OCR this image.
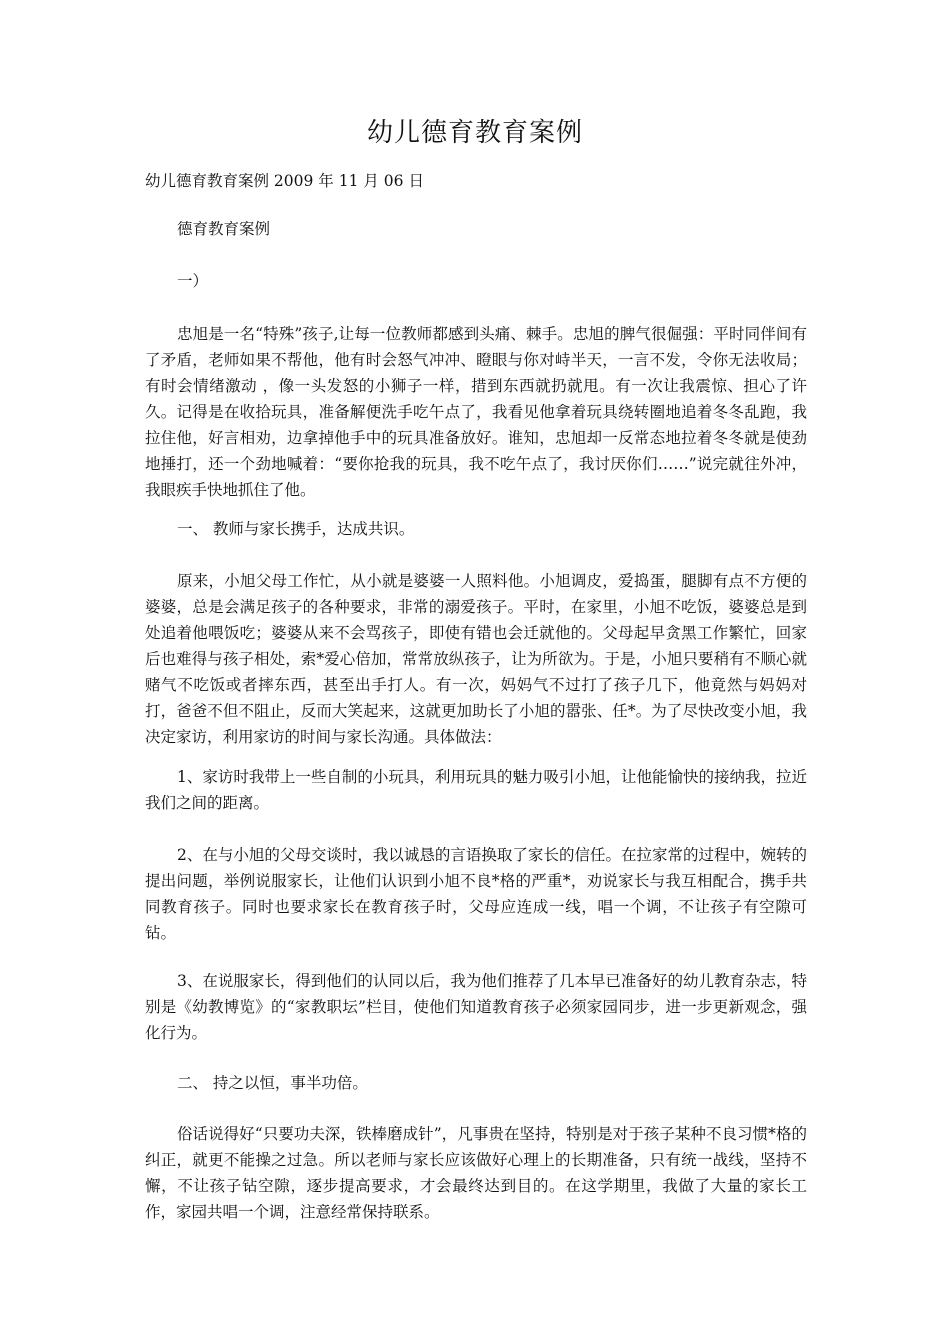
幼儿德育教育案例
幼儿德育教育案例 2009 年 11 月 06 日
德育教育案例
一）
忠旭是一名“特殊”孩子,让每一位教师都感到头痛、棘手。忠旭的脾气很倔强：平时同伴间有了矛盾，老师如果不帮他，他有时会怒气冲冲、瞪眼与你对峙半天，一言不发，令你无法收局；有时会情绪激动 ，像一头发怒的小狮子一样，措到东西就扔就甩。有一次让我震惊、担心了许久。记得是在收拾玩具，准备解便洗手吃午点了，我看见他拿着玩具绕转圈地追着冬冬乱跑，我拉住他，好言相劝，边拿掉他手中的玩具准备放好。谁知，忠旭却一反常态地拉着冬冬就是使劲地捶打，还一个劲地喊着：“要你抢我的玩具，我不吃午点了，我讨厌你们……”说完就往外冲，我眼疾手快地抓住了他。
一、 教师与家长携手，达成共识。
原来，小旭父母工作忙，从小就是婆婆一人照料他。小旭调皮，爱捣蛋，腿脚有点不方便的婆婆，总是会满足孩子的各种要求，非常的溺爱孩子。平时，在家里，小旭不吃饭，婆婆总是到处追着他喂饭吃；婆婆从来不会骂孩子，即使有错也会迁就他的。父母起早贪黑工作繁忙，回家后也难得与孩子相处，索*爱心倍加，常常放纵孩子，让为所欲为。于是，小旭只要稍有不顺心就赌气不吃饭或者摔东西，甚至出手打人。有一次，妈妈气不过打了孩子几下，他竟然与妈妈对打，爸爸不但不阻止，反而大笑起来，这就更加助长了小旭的嚣张、任*。为了尽快改变小旭，我决定家访，利用家访的时间与家长沟通。具体做法：
1、家访时我带上一些自制的小玩具，利用玩具的魅力吸引小旭，让他能愉快的接纳我，拉近我们之间的距离。
2、在与小旭的父母交谈时，我以诚恳的言语换取了家长的信任。在拉家常的过程中，婉转的提出问题，举例说服家长，让他们认识到小旭不良*格的严重*，劝说家长与我互相配合，携手共同教育孩子。同时也要求家长在教育孩子时，父母应连成一线，唱一个调，不让孩子有空隙可钻。
3、在说服家长，得到他们的认同以后，我为他们推荐了几本早已准备好的幼儿教育杂志，特别是《幼教博览》的“家教职坛”栏目，使他们知道教育孩子必须家园同步，进一步更新观念，强化行为。
二、 持之以恒，事半功倍。
俗话说得好“只要功夫深，铁棒磨成针”，凡事贵在坚持，特别是对于孩子某种不良习惯*格的纠正，就更不能操之过急。所以老师与家长应该做好心理上的长期准备，只有统一战线，坚持不懈，不让孩子钻空隙，逐步提高要求，才会最终达到目的。在这学期里，我做了大量的家长工作，家园共唱一个调，注意经常保持联系。
